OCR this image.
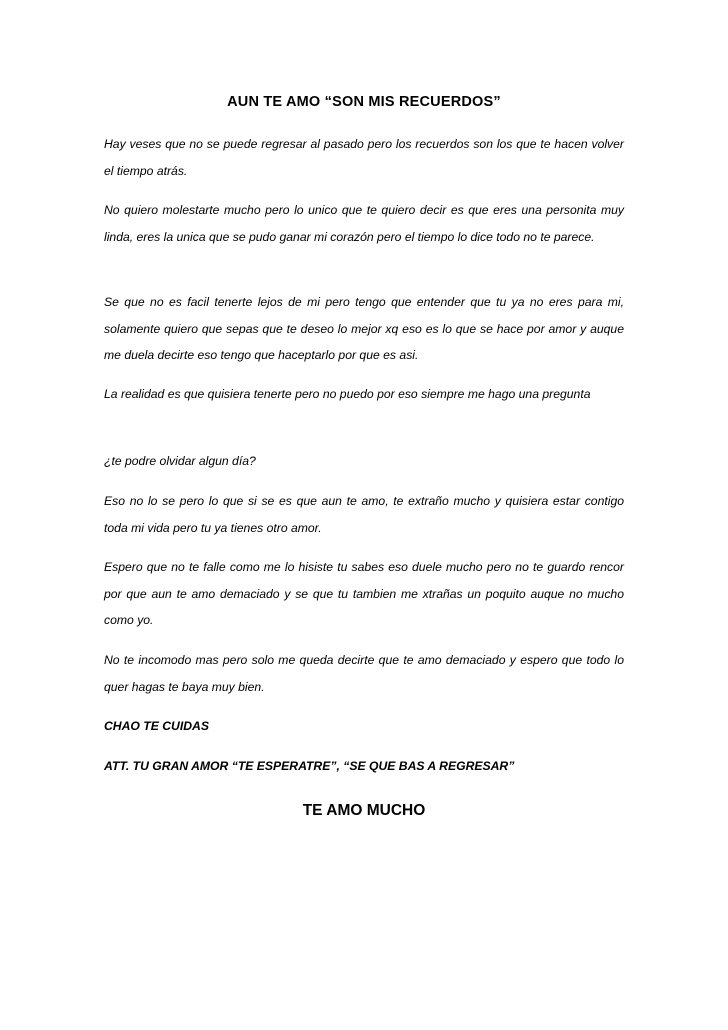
AUN TE AMO “SON MIS RECUERDOS”

Hay veses que no se puede regresar al pasado pero los recuerdos son los que te hacen volver el tiempo atrás.

No quiero molestarte mucho pero lo unico que te quiero decir es que eres una personita muy linda, eres la unica que se pudo ganar mi corazón pero el tiempo lo dice todo no te parece.

Se que no es facil tenerte lejos de mi pero tengo que entender que tu ya no eres para mi, solamente quiero que sepas que te deseo lo mejor xq eso es lo que se hace por amor y auque me duela decirte eso tengo que haceptarlo por que es asi.

La realidad es que quisiera tenerte pero no puedo por eso siempre me hago una pregunta

¿te podre olvidar algun día?

Eso no lo se pero lo que si se es que aun te amo, te extraño mucho y quisiera estar contigo toda mi vida pero tu ya tienes otro amor.

Espero que no te falle como me lo hisiste tu sabes eso duele mucho pero no te guardo rencor por que aun te amo demaciado y se que tu tambien me xtrañas un poquito auque no mucho como yo.

No te incomodo mas pero solo me queda decirte que te amo demaciado y espero que todo lo quer hagas te baya muy bien.

CHAO TE CUIDAS

ATT. TU GRAN AMOR “TE ESPERATRE”, “SE QUE BAS A REGRESAR”

TE AMO MUCHO
